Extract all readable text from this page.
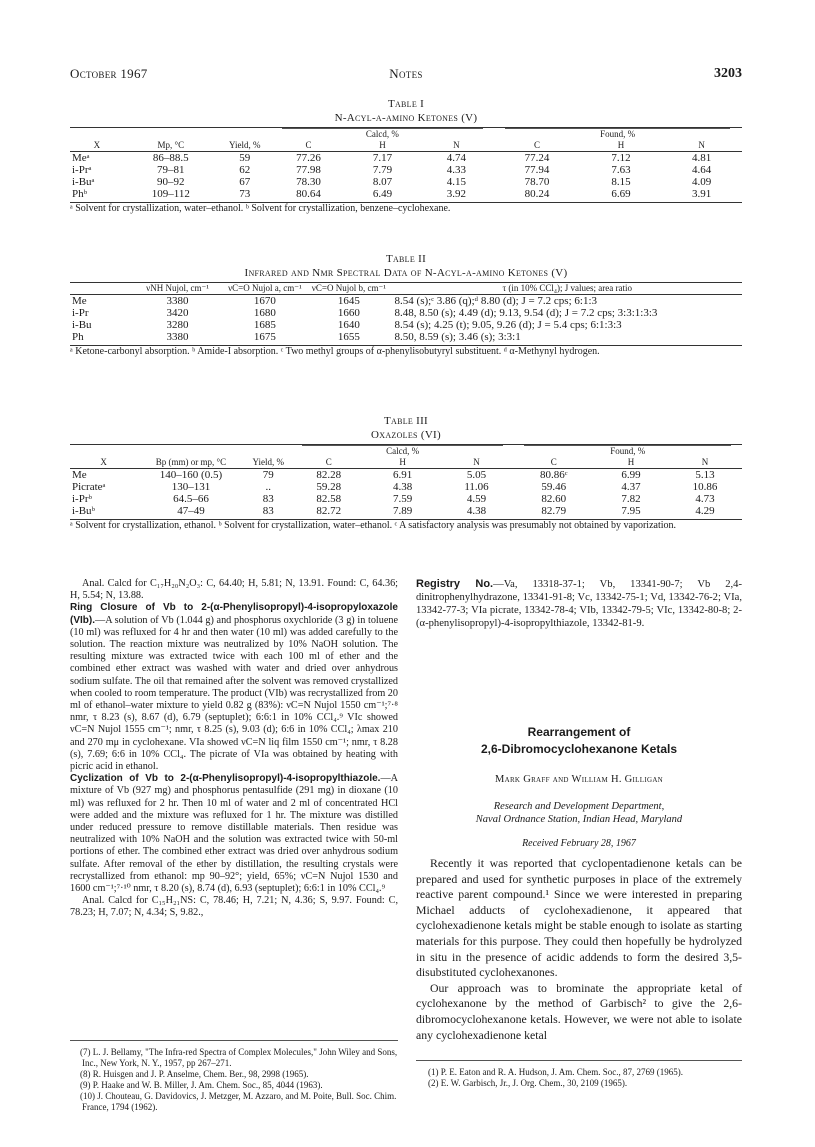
October 1967	Notes	3203
Table I
N-Acyl-α-amino Ketones (V)
			Calcd, %			Found, %		
X	Mp, °C	Yield, %	C	H	N	C	H	N
Meᵃ	86–88.5	59	77.26	7.17	4.74	77.24	7.12	4.81
i-Prᵃ	79–81	62	77.98	7.79	4.33	77.94	7.63	4.64
i-Buᵃ	90–92	67	78.30	8.07	4.15	78.70	8.15	4.09
Phᵇ	109–112	73	80.64	6.49	3.92	80.24	6.69	3.91
ᵃ Solvent for crystallization, water–ethanol. ᵇ Solvent for crystallization, benzene–cyclohexane.
Table II
Infrared and Nmr Spectral Data of N-Acyl-α-amino Ketones (V)
	νNH Nujol, cm⁻¹	νC=O Nujol a, cm⁻¹	νC=O Nujol b, cm⁻¹	τ (in 10% CCl₄); J values; area ratio
Me	3380	1670	1645	8.54 (s);ᶜ 3.86 (q);ᵈ 8.80 (d); J = 7.2 cps; 6:1:3
i-Pr	3420	1680	1660	8.48, 8.50 (s); 4.49 (d); 9.13, 9.54 (d); J = 7.2 cps; 3:3:1:3:3
i-Bu	3280	1685	1640	8.54 (s); 4.25 (t); 9.05, 9.26 (d); J = 5.4 cps; 6:1:3:3
Ph	3380	1675	1655	8.50, 8.59 (s); 3.46 (s); 3:3:1
ᵃ Ketone-carbonyl absorption. ᵇ Amide-I absorption. ᶜ Two methyl groups of α-phenylisobutyryl substituent. ᵈ α-Methynyl hydrogen.
Table III
Oxazoles (VI)
			Calcd, %			Found, %		
X	Bp (mm) or mp, °C	Yield, %	C	H	N	C	H	N
Me	140–160 (0.5)	79	82.28	6.91	5.05	80.86ᶜ	6.99	5.13
Picrateᵃ	130–131	..	59.28	4.38	11.06	59.46	4.37	10.86
i-Prᵇ	64.5–66	83	82.58	7.59	4.59	82.60	7.82	4.73
i-Buᵇ	47–49	83	82.72	7.89	4.38	82.79	7.95	4.29
ᵃ Solvent for crystallization, ethanol. ᵇ Solvent for crystallization, water–ethanol. ᶜ A satisfactory analysis was presumably not obtained by vaporization.

Anal. Calcd for C₁₇H₂₀N₂O₃: C, 64.40; H, 5.81; N, 13.91. Found: C, 64.36; H, 5.54; N, 13.88.

Ring Closure of Vb to 2-(α-Phenylisopropyl)-4-isopropyloxazole (VIb).—A solution of Vb (1.044 g) and phosphorus oxychloride (3 g) in toluene (10 ml) was refluxed for 4 hr and then water (10 ml) was added carefully to the solution. The reaction mixture was neutralized by 10% NaOH solution. The resulting mixture was extracted twice with each 100 ml of ether and the combined ether extract was washed with water and dried over anhydrous sodium sulfate. The oil that remained after the solvent was removed crystallized when cooled to room temperature. The product (VIb) was recrystallized from 20 ml of ethanol–water mixture to yield 0.82 g (83%): νC=N Nujol 1550 cm⁻¹;⁷·⁸ nmr, τ 8.23 (s), 8.67 (d), 6.79 (septuplet); 6:6:1 in 10% CCl₄.⁹ VIc showed νC=N Nujol 1555 cm⁻¹; nmr, τ 8.25 (s), 9.03 (d); 6:6 in 10% CCl₄; λmax 210 and 270 mμ in cyclohexane. VIa showed νC=N liq film 1550 cm⁻¹; nmr, τ 8.28 (s), 7.69; 6:6 in 10% CCl₄. The picrate of VIa was obtained by heating with picric acid in ethanol.

Cyclization of Vb to 2-(α-Phenylisopropyl)-4-isopropylthiazole.—A mixture of Vb (927 mg) and phosphorus pentasulfide (291 mg) in dioxane (10 ml) was refluxed for 2 hr. Then 10 ml of water and 2 ml of concentrated HCl were added and the mixture was refluxed for 1 hr. The mixture was distilled under reduced pressure to remove distillable materials. Then residue was neutralized with 10% NaOH and the solution was extracted twice with 50-ml portions of ether. The combined ether extract was dried over anhydrous sodium sulfate. After removal of the ether by distillation, the resulting crystals were recrystallized from ethanol: mp 90–92°; yield, 65%; νC=N Nujol 1530 and 1600 cm⁻¹;⁷·¹⁰ nmr, τ 8.20 (s), 8.74 (d), 6.93 (septuplet); 6:6:1 in 10% CCl₄.⁹

Anal. Calcd for C₁₅H₂₁NS: C, 78.46; H, 7.21; N, 4.36; S, 9.97. Found: C, 78.23; H, 7.07; N, 4.34; S, 9.82.,

(7) L. J. Bellamy, "The Infra-red Spectra of Complex Molecules," John Wiley and Sons, Inc., New York, N. Y., 1957, pp 267–271.
(8) R. Huisgen and J. P. Anselme, Chem. Ber., 98, 2998 (1965).
(9) P. Haake and W. B. Miller, J. Am. Chem. Soc., 85, 4044 (1963).
(10) J. Chouteau, G. Davidovics, J. Metzger, M. Azzaro, and M. Poite, Bull. Soc. Chim. France, 1794 (1962).

Registry No.—Va, 13318-37-1; Vb, 13341-90-7; Vb 2,4-dinitrophenylhydrazone, 13341-91-8; Vc, 13342-75-1; Vd, 13342-76-2; VIa, 13342-77-3; VIa picrate, 13342-78-4; VIb, 13342-79-5; VIc, 13342-80-8; 2-(α-phenylisopropyl)-4-isopropylthiazole, 13342-81-9.

Rearrangement of
2,6-Dibromocyclohexanone Ketals
Mark Graff and William H. Gilligan
Research and Development Department,
Naval Ordnance Station, Indian Head, Maryland
Received February 28, 1967

Recently it was reported that cyclopentadienone ketals can be prepared and used for synthetic purposes in place of the extremely reactive parent compound.¹ Since we were interested in preparing Michael adducts of cyclohexadienone, it appeared that cyclohexadienone ketals might be stable enough to isolate as starting materials for this purpose. They could then hopefully be hydrolyzed in situ in the presence of acidic addends to form the desired 3,5-disubstituted cyclohexanones.

Our approach was to brominate the appropriate ketal of cyclohexanone by the method of Garbisch² to give the 2,6-dibromocyclohexanone ketals. However, we were not able to isolate any cyclohexadienone ketal

(1) P. E. Eaton and R. A. Hudson, J. Am. Chem. Soc., 87, 2769 (1965).
(2) E. W. Garbisch, Jr., J. Org. Chem., 30, 2109 (1965).
